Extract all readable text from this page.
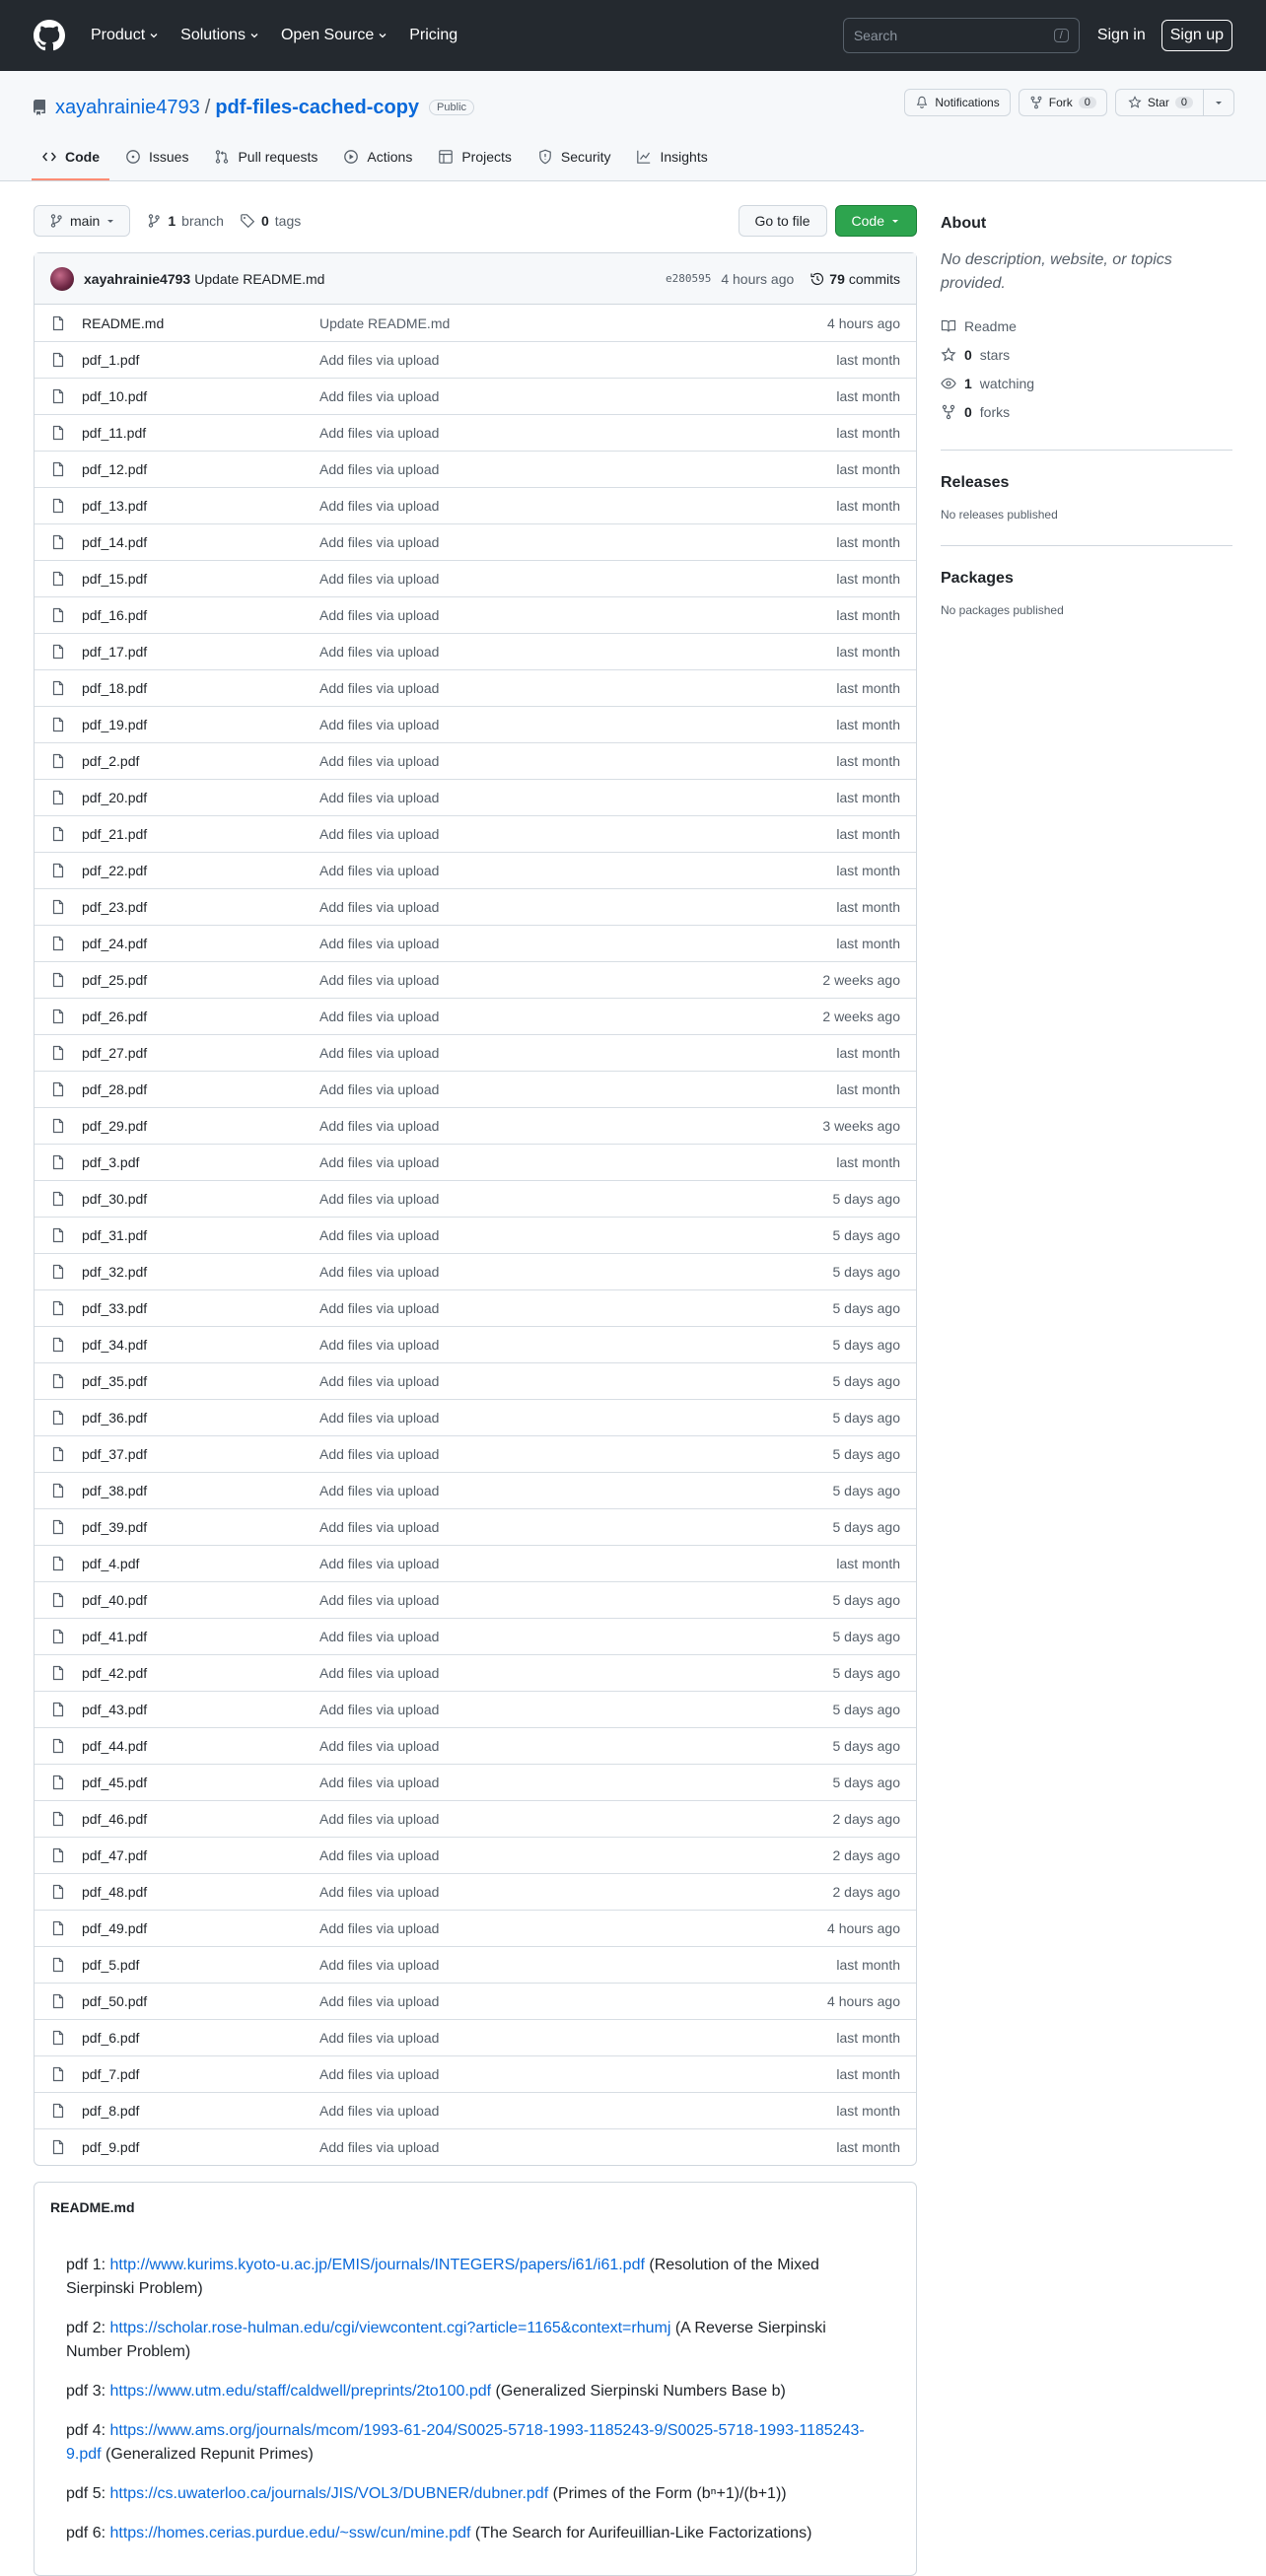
Product Solutions Open Source Pricing	Search	/	Sign in	Sign up
xayahrainie4793 / pdf-files-cached-copy	Public	Notifications	Fork	0	Star	0
Code	Issues	Pull requests	Actions	Projects	Security	Insights
main	1 branch	0 tags	Go to file	Code
xayahrainie4793 Update README.md	e280595 4 hours ago	79 commits
README.md	Update README.md	4 hours ago
pdf_1.pdf	Add files via upload	last month
pdf_10.pdf	Add files via upload	last month
pdf_11.pdf	Add files via upload	last month
pdf_12.pdf	Add files via upload	last month
pdf_13.pdf	Add files via upload	last month
pdf_14.pdf	Add files via upload	last month
pdf_15.pdf	Add files via upload	last month
pdf_16.pdf	Add files via upload	last month
pdf_17.pdf	Add files via upload	last month
pdf_18.pdf	Add files via upload	last month
pdf_19.pdf	Add files via upload	last month
pdf_2.pdf	Add files via upload	last month
pdf_20.pdf	Add files via upload	last month
pdf_21.pdf	Add files via upload	last month
pdf_22.pdf	Add files via upload	last month
pdf_23.pdf	Add files via upload	last month
pdf_24.pdf	Add files via upload	last month
pdf_25.pdf	Add files via upload	2 weeks ago
pdf_26.pdf	Add files via upload	2 weeks ago
pdf_27.pdf	Add files via upload	last month
pdf_28.pdf	Add files via upload	last month
pdf_29.pdf	Add files via upload	3 weeks ago
pdf_3.pdf	Add files via upload	last month
pdf_30.pdf	Add files via upload	5 days ago
pdf_31.pdf	Add files via upload	5 days ago
pdf_32.pdf	Add files via upload	5 days ago
pdf_33.pdf	Add files via upload	5 days ago
pdf_34.pdf	Add files via upload	5 days ago
pdf_35.pdf	Add files via upload	5 days ago
pdf_36.pdf	Add files via upload	5 days ago
pdf_37.pdf	Add files via upload	5 days ago
pdf_38.pdf	Add files via upload	5 days ago
pdf_39.pdf	Add files via upload	5 days ago
pdf_4.pdf	Add files via upload	last month
pdf_40.pdf	Add files via upload	5 days ago
pdf_41.pdf	Add files via upload	5 days ago
pdf_42.pdf	Add files via upload	5 days ago
pdf_43.pdf	Add files via upload	5 days ago
pdf_44.pdf	Add files via upload	5 days ago
pdf_45.pdf	Add files via upload	5 days ago
pdf_46.pdf	Add files via upload	2 days ago
pdf_47.pdf	Add files via upload	2 days ago
pdf_48.pdf	Add files via upload	2 days ago
pdf_49.pdf	Add files via upload	4 hours ago
pdf_5.pdf	Add files via upload	last month
pdf_50.pdf	Add files via upload	4 hours ago
pdf_6.pdf	Add files via upload	last month
pdf_7.pdf	Add files via upload	last month
pdf_8.pdf	Add files via upload	last month
pdf_9.pdf	Add files via upload	last month
README.md

pdf 1: http://www.kurims.kyoto-u.ac.jp/EMIS/journals/INTEGERS/papers/i61/i61.pdf (Resolution of the Mixed Sierpinski Problem)

pdf 2: https://scholar.rose-hulman.edu/cgi/viewcontent.cgi?article=1165&context=rhumj (A Reverse Sierpinski Number Problem)

pdf 3: https://www.utm.edu/staff/caldwell/preprints/2to100.pdf (Generalized Sierpinski Numbers Base b)

pdf 4: https://www.ams.org/journals/mcom/1993-61-204/S0025-5718-1993-1185243-9/S0025-5718-1993-1185243-9.pdf (Generalized Repunit Primes)

pdf 5: https://cs.uwaterloo.ca/journals/JIS/VOL3/DUBNER/dubner.pdf (Primes of the Form (bⁿ+1)/(b+1))

pdf 6: https://homes.cerias.purdue.edu/~ssw/cun/mine.pdf (The Search for Aurifeuillian-Like Factorizations)

About

No description, website, or topics provided.

Readme
0 stars
1 watching
0 forks
Releases

No releases published

Packages

No packages published
